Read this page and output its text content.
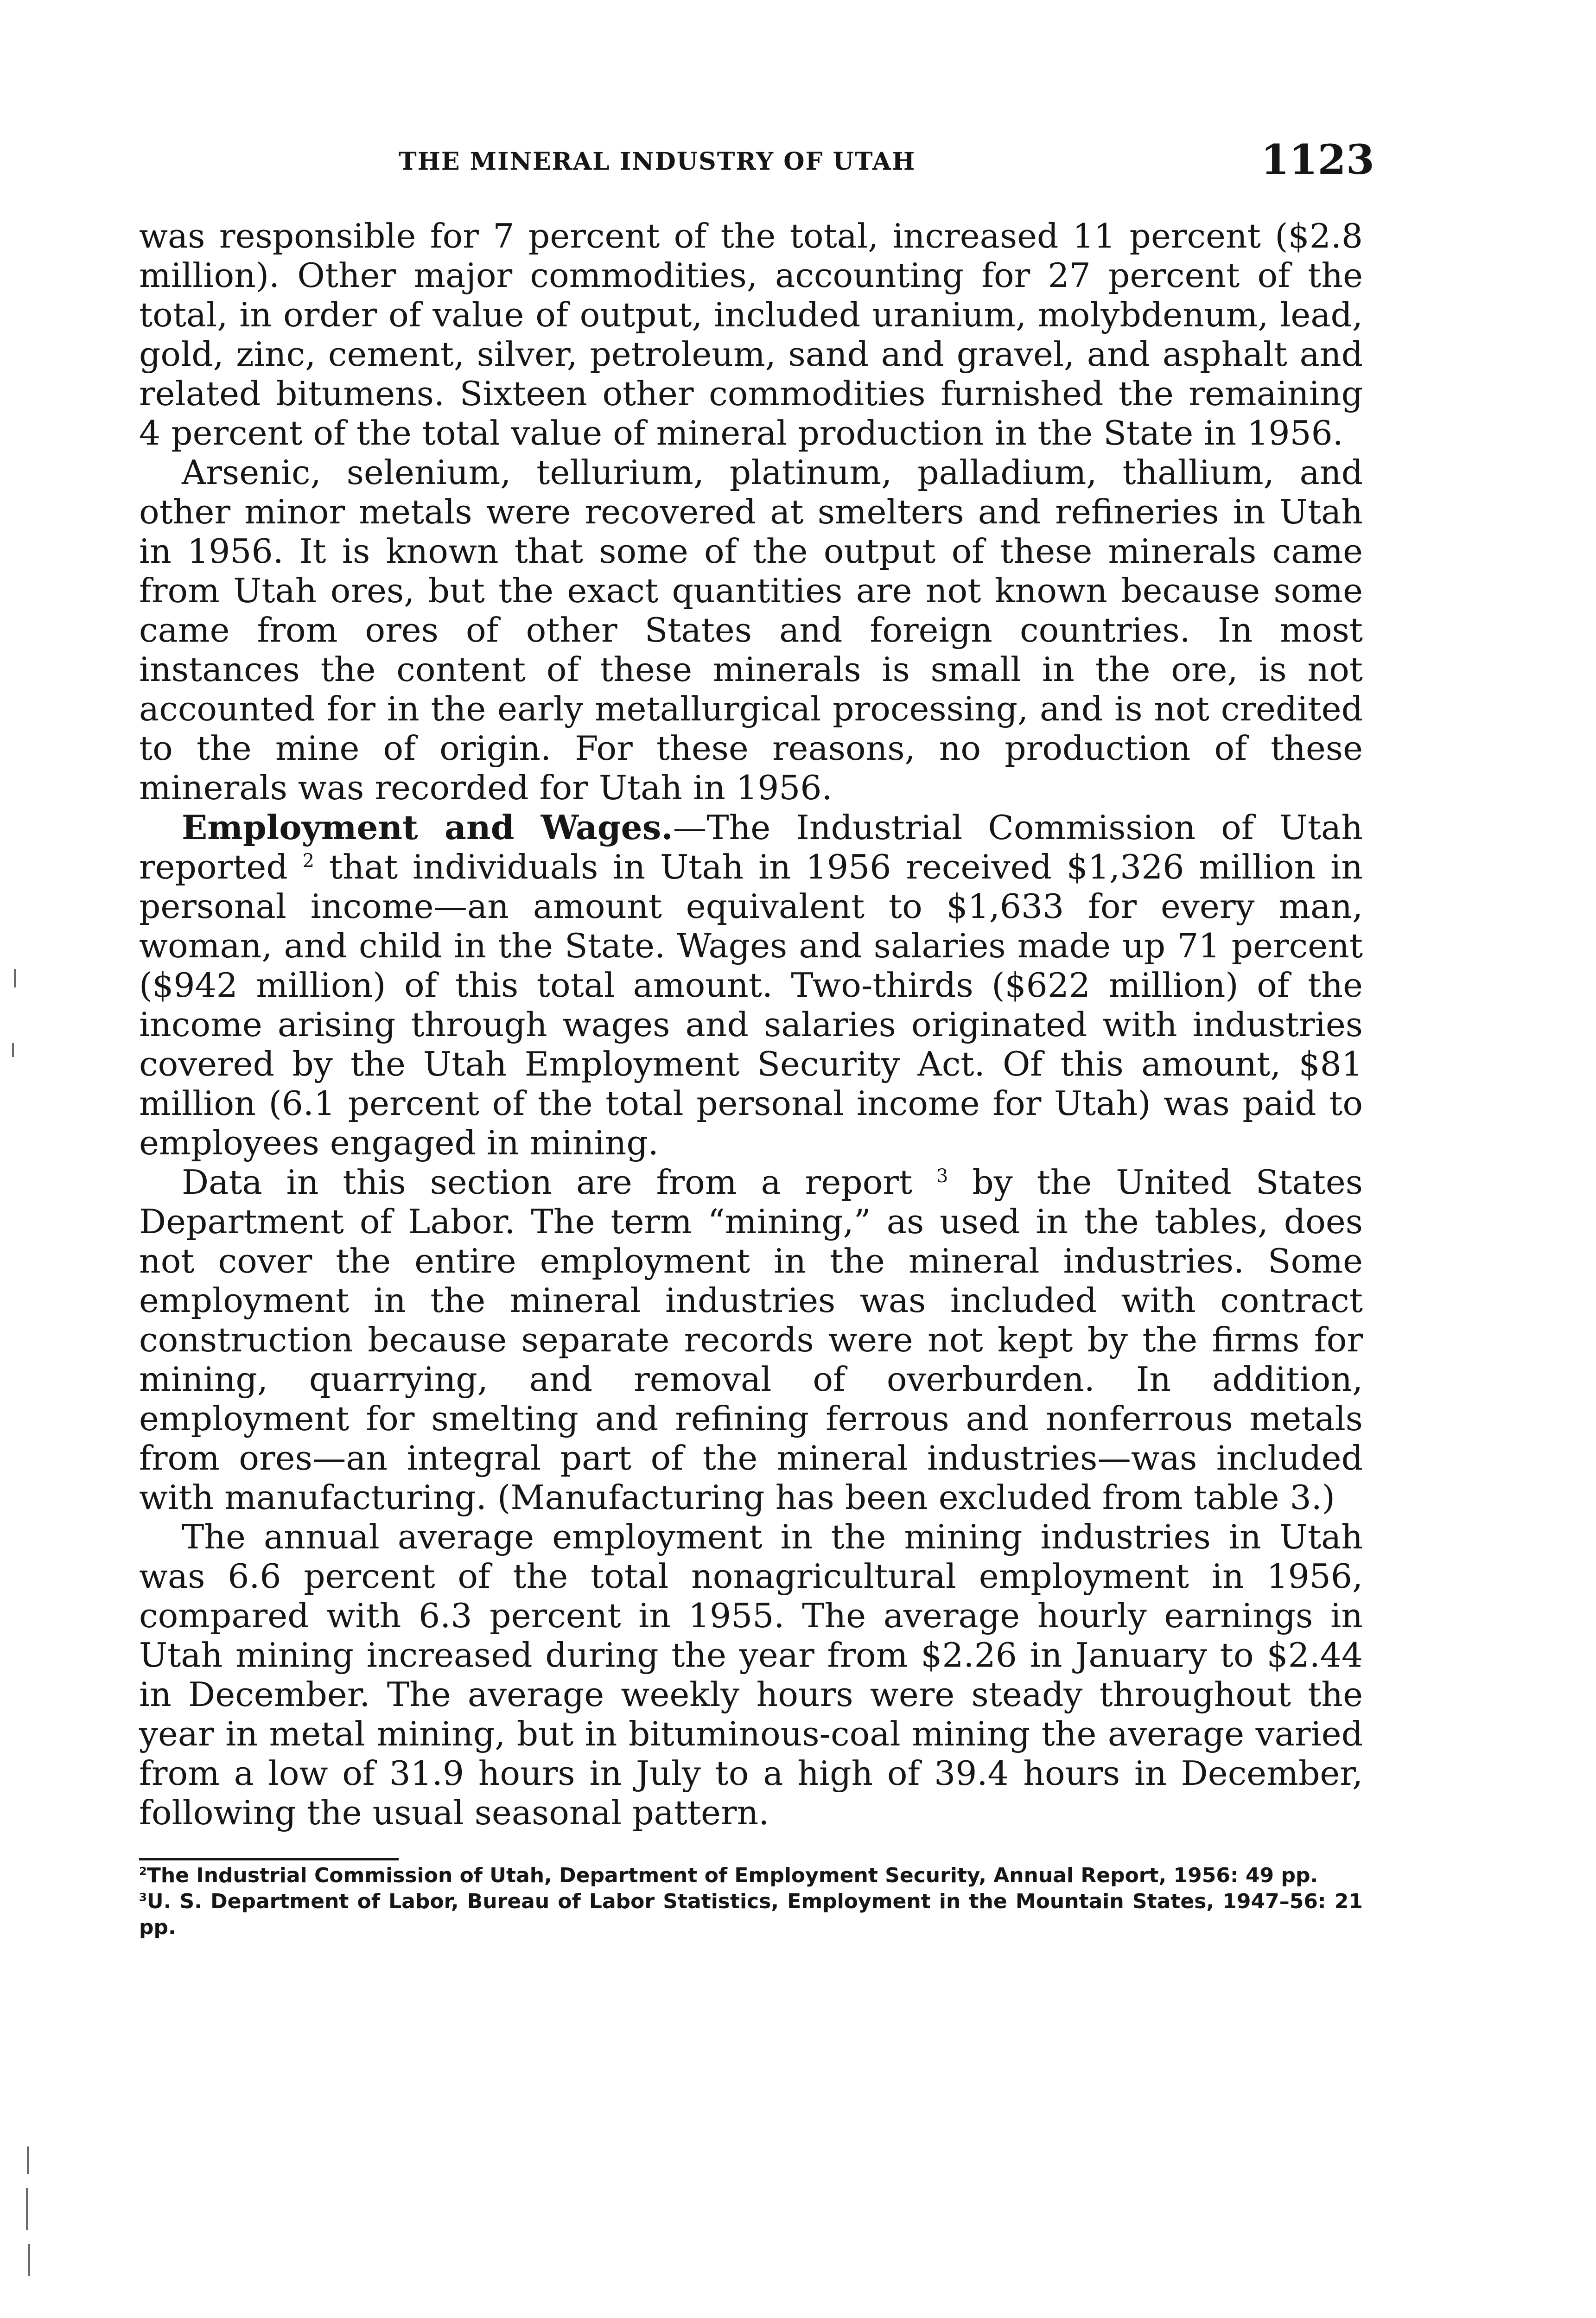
THE MINERAL INDUSTRY OF UTAH	1123

was responsible for 7 percent of the total, increased 11 percent ($2.8 million). Other major commodities, accounting for 27 percent of the total, in order of value of output, included uranium, molybdenum, lead, gold, zinc, cement, silver, petroleum, sand and gravel, and asphalt and related bitumens. Sixteen other commodities furnished the remaining 4 percent of the total value of mineral production in the State in 1956.

Arsenic, selenium, tellurium, platinum, palladium, thallium, and other minor metals were recovered at smelters and refineries in Utah in 1956. It is known that some of the output of these minerals came from Utah ores, but the exact quantities are not known because some came from ores of other States and foreign countries. In most instances the content of these minerals is small in the ore, is not accounted for in the early metallurgical processing, and is not credited to the mine of origin. For these reasons, no production of these minerals was recorded for Utah in 1956.

Employment and Wages.—The Industrial Commission of Utah reported $^2$ that individuals in Utah in 1956 received $1,326 million in personal income—an amount equivalent to $1,633 for every man, woman, and child in the State. Wages and salaries made up 71 percent ($942 million) of this total amount. Two-thirds ($622 million) of the income arising through wages and salaries originated with industries covered by the Utah Employment Security Act. Of this amount, $81 million (6.1 percent of the total personal income for Utah) was paid to employees engaged in mining.

Data in this section are from a report $^3$ by the United States Department of Labor. The term “mining,” as used in the tables, does not cover the entire employment in the mineral industries. Some employment in the mineral industries was included with contract construction because separate records were not kept by the firms for mining, quarrying, and removal of overburden. In addition, employment for smelting and refining ferrous and nonferrous metals from ores—an integral part of the mineral industries—was included with manufacturing. (Manufacturing has been excluded from table 3.)

The annual average employment in the mining industries in Utah was 6.6 percent of the total nonagricultural employment in 1956, compared with 6.3 percent in 1955. The average hourly earnings in Utah mining increased during the year from $2.26 in January to $2.44 in December. The average weekly hours were steady throughout the year in metal mining, but in bituminous-coal mining the average varied from a low of 31.9 hours in July to a high of 39.4 hours in December, following the usual seasonal pattern.

$^2$The Industrial Commission of Utah, Department of Employment Security, Annual Report, 1956: 49 pp.

$^3$U. S. Department of Labor, Bureau of Labor Statistics, Employment in the Mountain States, 1947–56: 21 pp.
